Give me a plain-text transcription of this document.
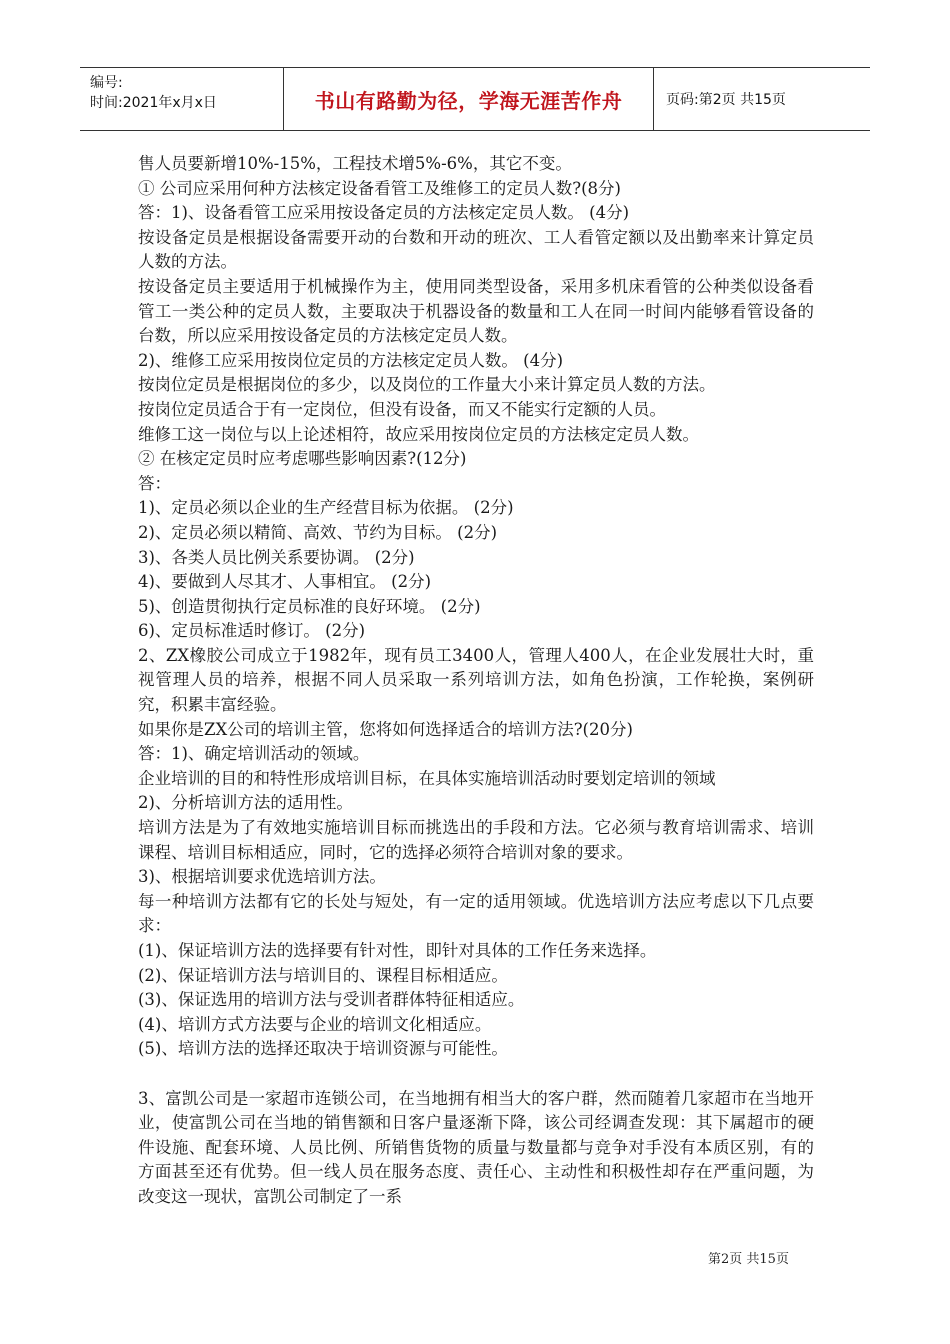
编号:
时间:2021年x月x日	书山有路勤为径，学海无涯苦作舟	页码:第2页 共15页

售人员要新增10%-15%，工程技术增5%-6%，其它不变。

① 公司应采用何种方法核定设备看管工及维修工的定员人数?(8分)

答：1)、设备看管工应采用按设备定员的方法核定定员人数。 (4分)

按设备定员是根据设备需要开动的台数和开动的班次、工人看管定额以及出勤率来计算定员人数的方法。

按设备定员主要适用于机械操作为主，使用同类型设备，采用多机床看管的公种类似设备看管工一类公种的定员人数，主要取决于机器设备的数量和工人在同一时间内能够看管设备的台数，所以应采用按设备定员的方法核定定员人数。

2)、维修工应采用按岗位定员的方法核定定员人数。 (4分)

按岗位定员是根据岗位的多少，以及岗位的工作量大小来计算定员人数的方法。

按岗位定员适合于有一定岗位，但没有设备，而又不能实行定额的人员。

维修工这一岗位与以上论述相符，故应采用按岗位定员的方法核定定员人数。

② 在核定定员时应考虑哪些影响因素?(12分)

答：

1)、定员必须以企业的生产经营目标为依据。 (2分)

2)、定员必须以精简、高效、节约为目标。 (2分)

3)、各类人员比例关系要协调。 (2分)

4)、要做到人尽其才、人事相宜。 (2分)

5)、创造贯彻执行定员标准的良好环境。 (2分)

6)、定员标准适时修订。 (2分)

2、ZX橡胶公司成立于1982年，现有员工3400人，管理人400人，在企业发展壮大时，重视管理人员的培养，根据不同人员采取一系列培训方法，如角色扮演，工作轮换，案例研究，积累丰富经验。

如果你是ZX公司的培训主管，您将如何选择适合的培训方法?(20分)

答：1)、确定培训活动的领域。

企业培训的目的和特性形成培训目标，在具体实施培训活动时要划定培训的领域

2)、分析培训方法的适用性。

培训方法是为了有效地实施培训目标而挑选出的手段和方法。它必须与教育培训需求、培训课程、培训目标相适应，同时，它的选择必须符合培训对象的要求。

3)、根据培训要求优选培训方法。

每一种培训方法都有它的长处与短处，有一定的适用领域。优选培训方法应考虑以下几点要求：

(1)、保证培训方法的选择要有针对性，即针对具体的工作任务来选择。

(2)、保证培训方法与培训目的、课程目标相适应。

(3)、保证选用的培训方法与受训者群体特征相适应。

(4)、培训方式方法要与企业的培训文化相适应。

(5)、培训方法的选择还取决于培训资源与可能性。

3、富凯公司是一家超市连锁公司，在当地拥有相当大的客户群，然而随着几家超市在当地开业，使富凯公司在当地的销售额和日客户量逐渐下降，该公司经调查发现：其下属超市的硬件设施、配套环境、人员比例、所销售货物的质量与数量都与竞争对手没有本质区别，有的方面甚至还有优势。但一线人员在服务态度、责任心、主动性和积极性却存在严重问题，为改变这一现状，富凯公司制定了一系

第2页 共15页
